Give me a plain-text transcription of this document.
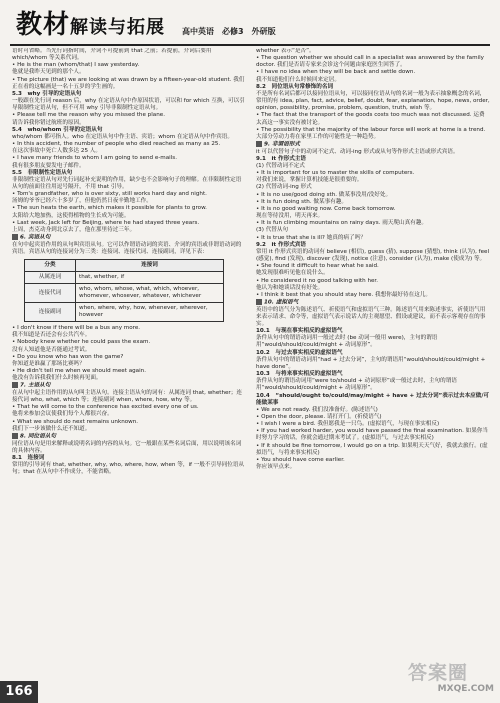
教材解读与拓展 高中英语　必修3　外研版

语时可省略。当先行词指时间，介词不可提前到 that 之前；若提前，介词后要用 which/whom 等关系代词。

• He is the man (whom/that) I saw yesterday.

他就是我昨天见到的那个人。

• The picture (that) we are looking at was drawn by a fifteen-year-old student. 我们正在看的这幅画是一名十五岁的学生画的。

5.3　why 引导的定语从句

一般跟在先行词 reason 后，why 在定语从句中作原因状语，可以和 for which 互换，可以引导限制性定语从句，但不可用 why 引导非限制性定语从句。

• Please tell me the reason why you missed the plane.

请告诉我你错过航班的原因。

5.4　who/whom 引导的定语从句

who/whom 都可指人。who 在定语从句中作主语、宾语；whom 在定语从句中作宾语。

• In this accident, the number of people who died reached as many as 25.

在这次事故中死亡人数多达 25 人。

• I have many friends to whom I am going to send e-mails.

我有很多朋友要发电子邮件。

5.5　非限制性定语从句

非限制性定语从句对先行词起补充说明的作用，缺少也不会影响句子的理解。在非限制性定语从句的前面往往用逗号隔开，不用 that 引导。

• Tom's grandfather, who is over sixty, still works hard day and night.

汤姆的爷爷已经六十多岁了，但他仍然日夜辛勤地工作。

• The sun heats the earth, which makes it possible for plants to grow.

太阳给大地加热，这使得植物的生长成为可能。

• Last week, Jack left for Beijing, where he had stayed three years.

上周，杰克动身到北京去了，他在那里待过三年。

6. 宾语从句

在句中起宾语作用的从句叫宾语从句。它可以作谓语动词的宾语、介词的宾语或非谓语动词的宾语。宾语从句的连接词分为三类：连接词、连接代词、连接副词，详见下表：

分类	连接词
从属连词	that, whether, if
连接代词	who, whom, whose, what, which, whoever, whomever, whosever, whatever, whichever
连接副词	when, where, why, how, whenever, wherever, however

• I don't know if there will be a bus any more.

我不知道是否还会有公共汽车。

• Nobody knew whether he could pass the exam.

没有人知道他是否能通过考试。

• Do you know who has won the game?

你知道是谁赢了那场比赛吗？

• He didn't tell me when we should meet again.

他没有告诉我我们什么时候再见面。

7. 主语从句

在从句中起主语作用的从句叫主语从句。连接主语从句的词有：从属连词 that, whether；连接代词 who, what, which 等；连接副词 when, where, how, why 等。

• That he will come to the conference has excited every one of us.

他将来参加会议使我们每个人都很兴奋。

• What we should do next remains unknown.

我们下一步该做什么还不知道。

8. 同位语从句

同位语从句是用来解释或说明名词的内容的从句。它一般跟在某些名词后面，用以说明该名词的具体内容。

8.1　连接词

常用的引导词有 that, whether, why, who, where, how, when 等，if 一般不引导同位语从句；that 在从句中不作成分，不能省略。

whether 表示“是否”。

• The question whether we should call in a specialist was answered by the family doctor. 我们是否请专家来会诊这个问题由家庭医生回答了。

• I have no idea when they will be back and settle down.

我不知道他们什么时候回来定居。

8.2　同位语从句常修饰的名词

不是所有名词后都可以接同位语从句，可以接同位语从句的名词一般为表示抽象概念的名词，常用的有 idea, plan, fact, advice, belief, doubt, fear, explanation, hope, news, order, opinion, possibility, promise, problem, question, truth, wish 等。

• The fact that the transport of the goods costs too much was not discussed. 运费太高这一事实没有被讨论。

• The possibility that the majority of the labour force will work at home is a trend. 大部分劳动力将在家里工作的可能性是一种趋势。

9. 非谓语形式

it 可以代替句子中的动词不定式、动词-ing 形式或从句等作形式主语或形式宾语。

9.1　it 作形式主语

(1) 代替动词不定式

• It is important for us to master the skills of computers.

对我们来说，掌握计算机技能是很重要的。

(2) 代替动词-ing 形式

• It is no use/good doing sth. 做某事没用/没好处。

• It is fun doing sth. 做某事有趣。

• It is no good waiting now. Come back tomorrow.

现在等待没用，明天再来。

• It is fun climbing mountains on rainy days. 雨天爬山真有趣。

(3) 代替从句

• It is true that she is ill? 她真的病了吗？

9.2　it 作形式宾语

常用 it 作形式宾语的动词有 believe (相信), guess (猜), suppose (猜想), think (认为), feel (感觉), find (发现), discover (发现), notice (注意), consider (认为), make (使成为) 等。

• She found it difficult to hear what he said.

她发现很难听见他在说什么。

• He considered it no good talking with her.

他认为和她谈话没有好处。

• I think it best that you should stay here. 我想你最好待在这儿。

10. 虚拟语气

英语中的语气分为陈述语气、祈使语气和虚拟语气三种。陈述语气用来陈述事实，祈使语气用来表示请求、命令等，虚拟语气表示说话人的主观愿望、假设或建议，而不表示客观存在的事实。

10.1　与现在事实相反的虚拟语气

条件从句中的谓语动词用一般过去时 (be 动词一般用 were)，主句的谓语用“would/should/could/might + 动词原形”。

10.2　与过去事实相反的虚拟语气

条件从句中的谓语动词用“had + 过去分词”，主句的谓语用“would/should/could/might + have done”。

10.3　与将来事实相反的虚拟语气

条件从句的谓语动词用“were to/should + 动词原形”或一般过去时，主句的谓语用“would/should/could/might + 动词原形”。

10.4　“should/ought to/could/may/might + have + 过去分词”表示过去本应做/可能做某事

• We are not ready. 我们没准备好。(陈述语气)

• Open the door, please. 请打开门。(祈使语气)

• I wish I were a bird. 我但愿我是一只鸟。(虚拟语气，与现在事实相反)

• If you had worked harder, you would have passed the final examination. 如果你当时努力学习的话，你就会通过期末考试了。(虚拟语气，与过去事实相反)

• If it should be fine tomorrow, I would go on a trip. 如果明天天气好，我就去旅行。(虚拟语气，与将来事实相反)

• You should have come earlier.

你应该早点来。

166
答案圈
MXQE.COM
